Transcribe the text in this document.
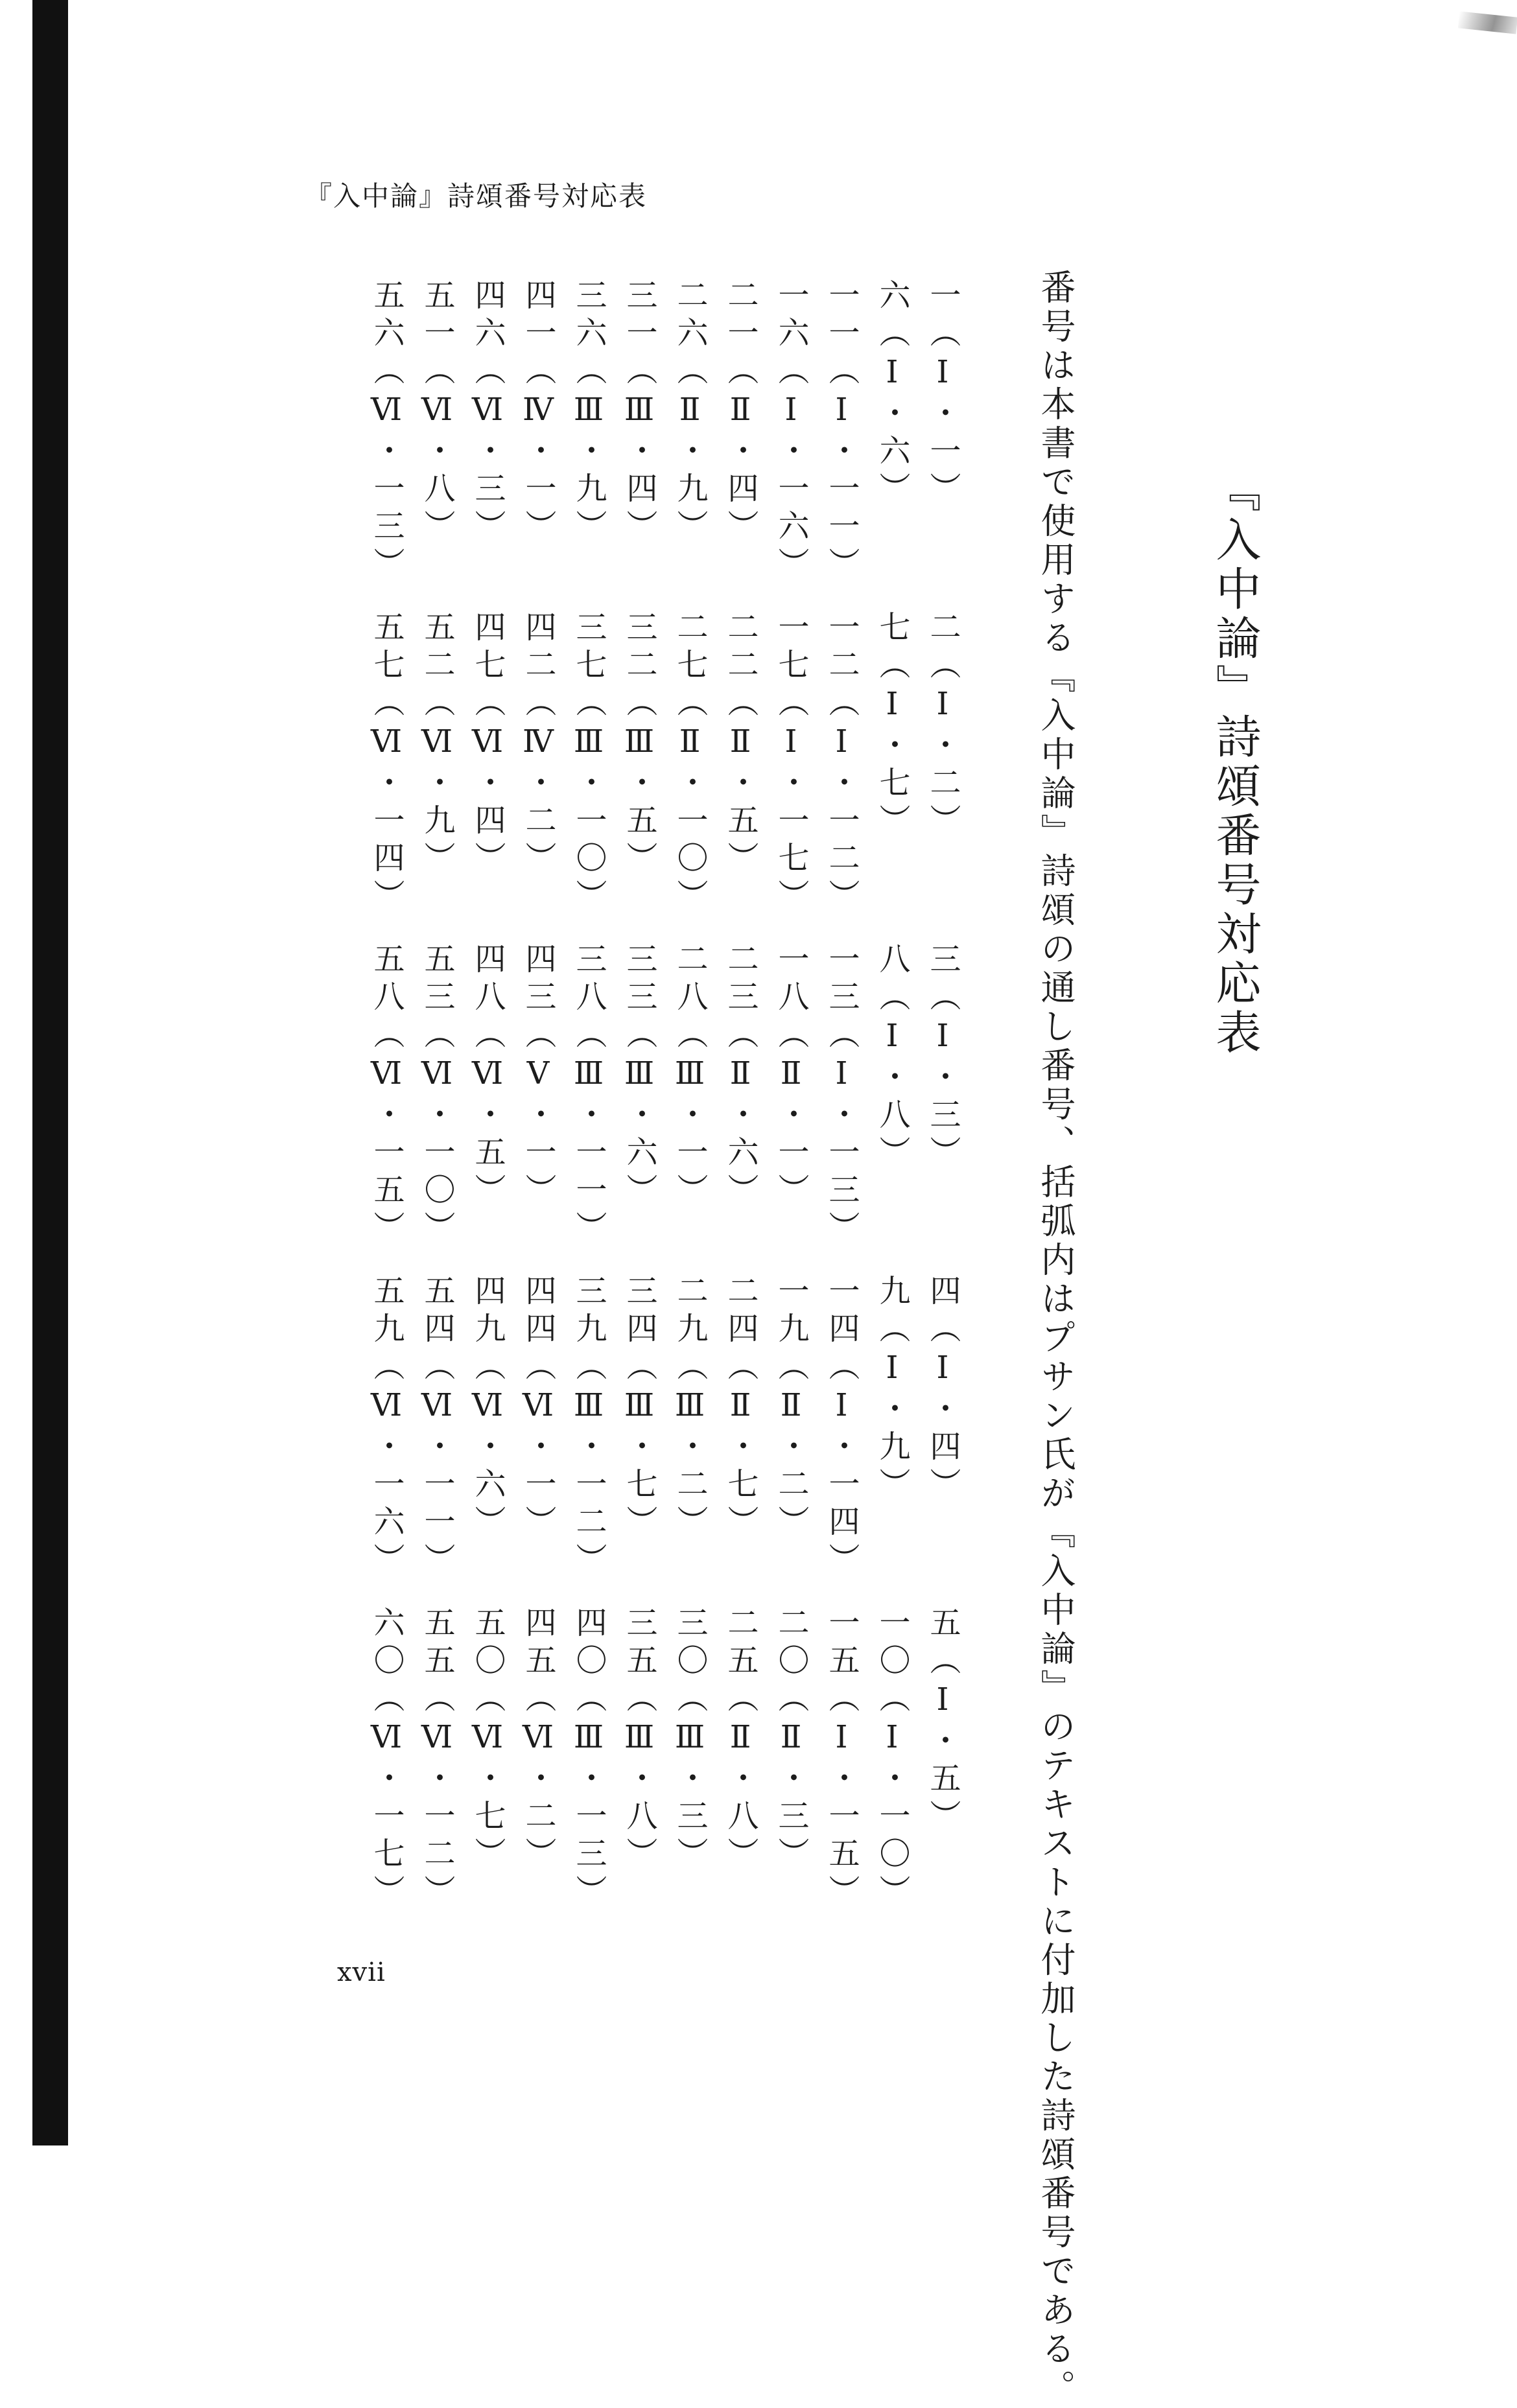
『入中論』詩頌番号対応表
『入中論』詩頌番号対応表
番号は本書で使用する『入中論』詩頌の通し番号、括弧内はプサン氏が『入中論』のテキストに付加した詩頌番号である。
一（Ⅰ・一）
六（Ⅰ・六）
一一（Ⅰ・一一）
一六（Ⅰ・一六）
二一（Ⅱ・四）
二六（Ⅱ・九）
三一（Ⅲ・四）
三六（Ⅲ・九）
四一（Ⅳ・一）
四六（Ⅵ・三）
五一（Ⅵ・八）
五六（Ⅵ・一三）
二（Ⅰ・二）
七（Ⅰ・七）
一二（Ⅰ・一二）
一七（Ⅰ・一七）
二二（Ⅱ・五）
二七（Ⅱ・一〇）
三二（Ⅲ・五）
三七（Ⅲ・一〇）
四二（Ⅳ・二）
四七（Ⅵ・四）
五二（Ⅵ・九）
五七（Ⅵ・一四）
三（Ⅰ・三）
八（Ⅰ・八）
一三（Ⅰ・一三）
一八（Ⅱ・一）
二三（Ⅱ・六）
二八（Ⅲ・一）
三三（Ⅲ・六）
三八（Ⅲ・一一）
四三（Ⅴ・一）
四八（Ⅵ・五）
五三（Ⅵ・一〇）
五八（Ⅵ・一五）
四（Ⅰ・四）
九（Ⅰ・九）
一四（Ⅰ・一四）
一九（Ⅱ・二）
二四（Ⅱ・七）
二九（Ⅲ・二）
三四（Ⅲ・七）
三九（Ⅲ・一二）
四四（Ⅵ・一）
四九（Ⅵ・六）
五四（Ⅵ・一一）
五九（Ⅵ・一六）
五（Ⅰ・五）
一〇（Ⅰ・一〇）
一五（Ⅰ・一五）
二〇（Ⅱ・三）
二五（Ⅱ・八）
三〇（Ⅲ・三）
三五（Ⅲ・八）
四〇（Ⅲ・一三）
四五（Ⅵ・二）
五〇（Ⅵ・七）
五五（Ⅵ・一二）
六〇（Ⅵ・一七）
xvii
